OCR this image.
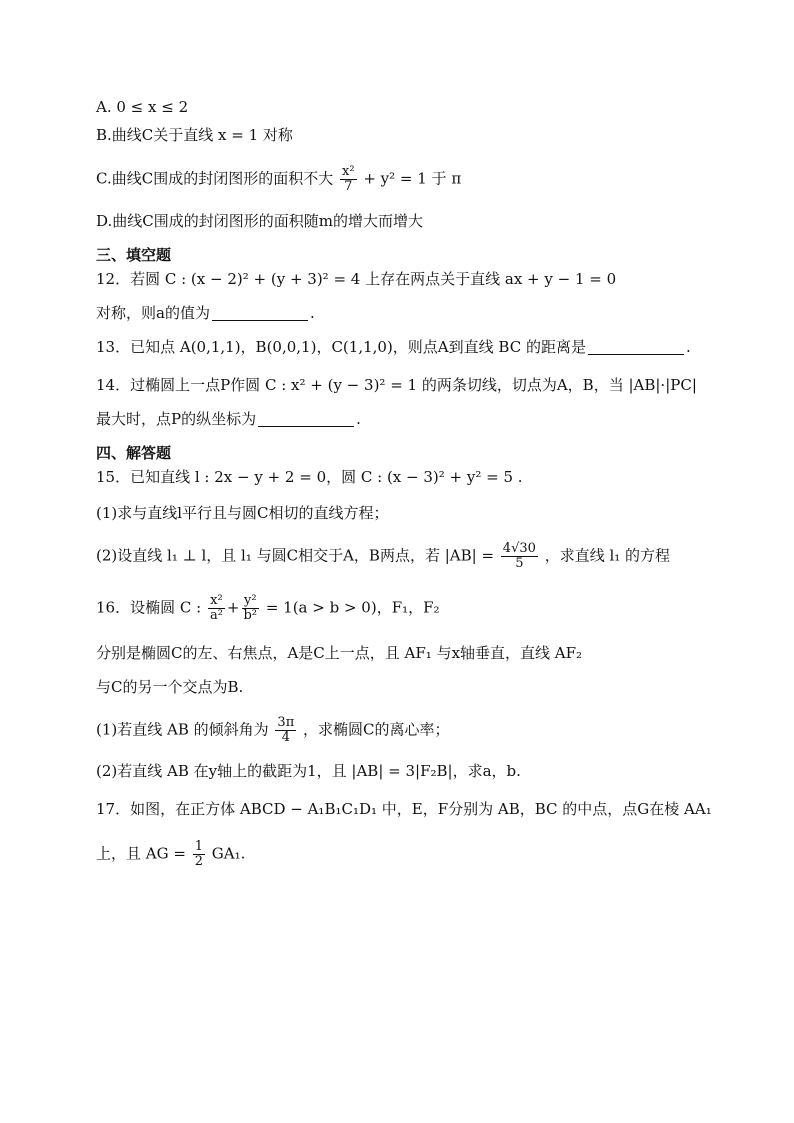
A. 0 ≤ x ≤ 2
B.曲线C关于直线 x = 1 对称
C.曲线C围成的封闭图形的面积不大 $\frac{\text{x²}}{7} + y^2 = 1$ 于 π
D.曲线C围成的封闭图形的面积随m的增大而增大
三、填空题
12．若圆 C : (x − 2)² + (y + 3)² = 4 上存在两点关于直线 ax + y − 1 = 0
对称，则a的值为	.
13．已知点 A(0,1,1)，B(0,0,1)，C(1,1,0)，则点A到直线 BC 的距离是	.
14．过椭圆上一点P作圆 C : x² + (y − 3)² = 1 的两条切线，切点为A，B，当 |AB|·|PC|
最大时，点P的纵坐标为	.
四、解答题
15．已知直线 l : 2x − y + 2 = 0，圆 C : (x − 3)² + y² = 5 .
(1)求与直线l平行且与圆C相切的直线方程；
(2)设直线 l₁ ⊥ l，且 l₁ 与圆C相交于A，B两点，若 $|AB| = \frac{4√30}{5}$ ，求直线 l₁ 的方程
16．设椭圆 C : $\frac{\text{x²}}{\text{a²}} + \frac{\text{y²}}{\text{b²}} = 1(a > b > 0)$，F₁，F₂
分别是椭圆C的左、右焦点，A是C上一点，且 AF₁ 与x轴垂直，直线 AF₂
与C的另一个交点为B.
(1)若直线 AB 的倾斜角为 $\frac{3\pi}{4}$ ，求椭圆C的离心率；
(2)若直线 AB 在y轴上的截距为1，且 |AB| = 3|F₂B|，求a，b.
17．如图，在正方体 ABCD − A₁B₁C₁D₁ 中，E，F分别为 AB，BC 的中点，点G在棱 AA₁
上，且 AG = $\frac{1}{2} GA_1$.
